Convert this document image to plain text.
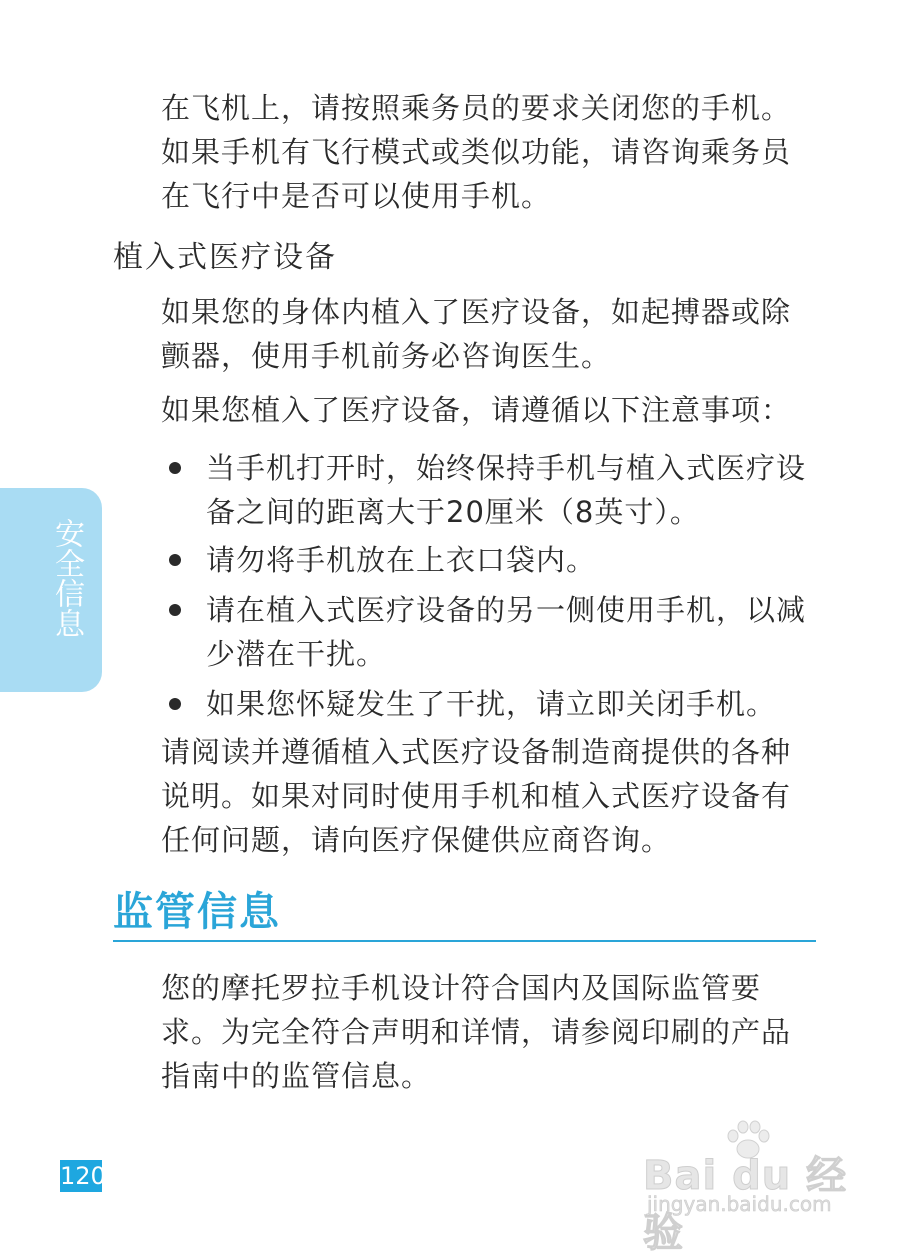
在飞机上，请按照乘务员的要求关闭您的手机。
如果手机有飞行模式或类似功能，请咨询乘务员
在飞行中是否可以使用手机。

植入式医疗设备

如果您的身体内植入了医疗设备，如起搏器或除
颤器，使用手机前务必咨询医生。

如果您植入了医疗设备，请遵循以下注意事项：

当手机打开时，始终保持手机与植入式医疗设
备之间的距离大于20厘米（8英寸）。
请勿将手机放在上衣口袋内。
请在植入式医疗设备的另一侧使用手机，以减
少潜在干扰。
如果您怀疑发生了干扰，请立即关闭手机。

请阅读并遵循植入式医疗设备制造商提供的各种
说明。如果对同时使用手机和植入式医疗设备有
任何问题，请向医疗保健供应商咨询。

安全信息
监管信息

您的摩托罗拉手机设计符合国内及国际监管要
求。为完全符合声明和详情，请参阅印刷的产品
指南中的监管信息。

120	Bai du 经验
jingyan.baidu.com
